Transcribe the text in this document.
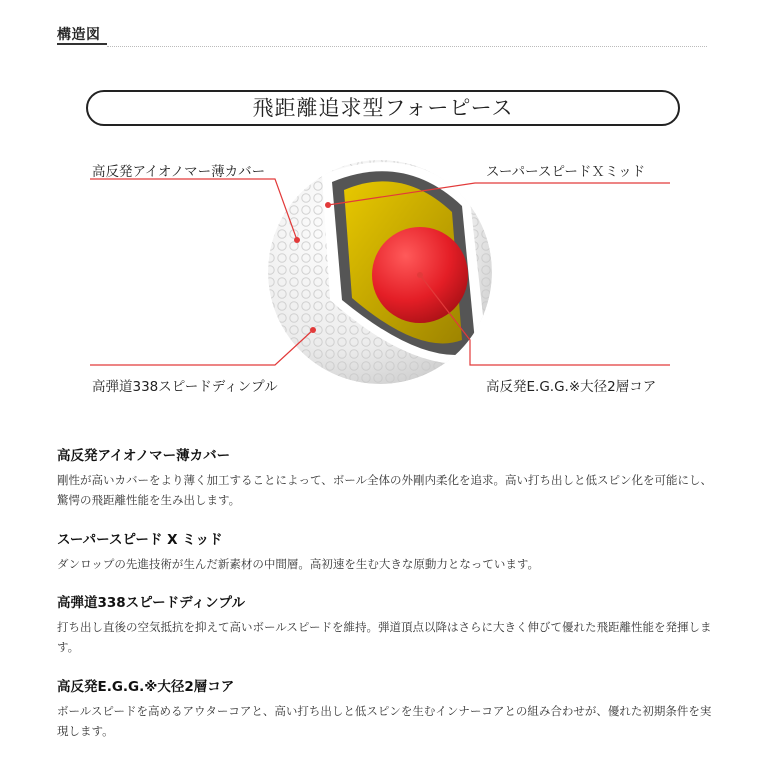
構造図
飛距離追求型フォーピース
高反発アイオノマー薄カバー	スーパースピードＸミッド
高弾道338スピードディンプル	高反発E.G.G.※大径2層コア
高反発アイオノマー薄カバー

剛性が高いカバーをより薄く加工することによって、ボール全体の外剛内柔化を追求。高い打ち出しと低スピン化を可能にし、
驚愕の飛距離性能を生み出します。

スーパースピード X ミッド

ダンロップの先進技術が生んだ新素材の中間層。高初速を生む大きな原動力となっています。

高弾道338スピードディンプル

打ち出し直後の空気抵抗を抑えて高いボールスピードを維持。弾道頂点以降はさらに大きく伸びて優れた飛距離性能を発揮しま
す。

高反発E.G.G.※大径2層コア

ボールスピードを高めるアウターコアと、高い打ち出しと低スピンを生むインナーコアとの組み合わせが、優れた初期条件を実
現します。
